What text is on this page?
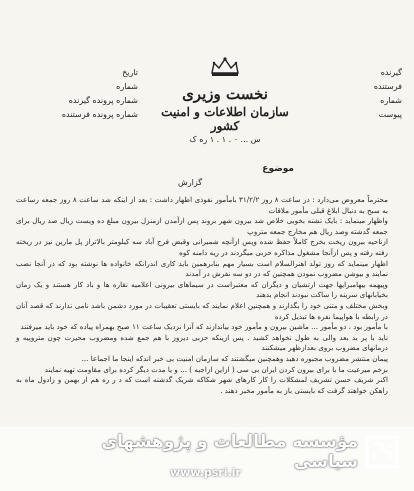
تاریخ
شماره
شماره پرونده گیرنده
شماره پرونده فرستنده
گیرنده
فرستنده
شماره
پیوست
نخست وزیری
سازمان اطلاعات و امنیت کشور
س ...‌ ۰ .‌ ۱ . ۱ ره ک
موضوع
گزارش
محترماً معروض می‌دارد : در ساعت ۸ روز ۳۱/۲/۲ بامأمور نفوذی اظهار داشت : بعد از اینکه شد ساعت ۸ روز جمعه رساعت به سبح به دنبال ابلاغ قبلی مأمور ملاقات
واظهار مینماید : بایک تشنه بخوبی خلاص شد بیرون شهر بروند پس ازآمدن ازمنزل بیرون مبلغ ده ویست ریال صد ریال برای جمعه گدشته وصد ریال هم مخارج جمعه متروپ
ازناحیه بیرون ریخت بخرج کاملاً حفظ شده وپس ازآنچه شمیرانی وقبض فرج آباد سه کیلومتر بالاتراز پل مارین نیز در ریخته رفته رفته و پس ازآنجا مشغول مذاکره حزبی میگردند در ریه دامنه کوه
اظهار مینماید که روز تولد اهنرالسلام است بسیار مهم بنابرهمین باید کاری اندرانکه خانواده ها نوشته بود که در آنجا نصب نمایند و بیوشن مضروب نمودن همچنین که در دو سه نفرش در آمدند
وپیهمه بیهامبرایها جهت ارتشیان و دیگران که معتبراست در سیماهای بیرونی اعلامیه نقاره ها و باد کار هستند و یک زمان بخیابانهای سرینه را ساکت نبودند انجام بدهند
وبخش مختلف و متنی خود را بگذارند و همچنین اعلام نمایند که بایستی تعقیبات در مورد دشمن باشد نامی ندارند که قصد آنان در رابطه با هواپیما نفره ها تبدیل کرده
با مأمور بود ، دو مأمور ... ماشین بیرون و مأمور خود بیاندازند که آنرا نزدیک ساعت ۱۱ صبح بهمراه پیاده که خود باید میرفتند
ناید با پر بد بعد والی به طول نخواهد کشید . پس ازینکه حزبی دیروز با هم جمع شده ومضروب محیرت چون متروپیه و درمانهای مضروب بروی بعدازظهر میشکنند
پیمان منتشر مضروب مجبوره دهید وهمچنین میگشتند که سازمان امنیت بی خبر اندکه اینجا ما اجماعا ...
بزخم میرعیت ما با برای بیرون کردن ایران بی سی ( ازاین ازاجبه ) ... و یا مدت دیگر کرده برای مقاومت تهیه نمایند
اکنر شریف حسن تشریف لمشکلات را کار کارهای شهر شکاکه شریک گدشته است که د ر ره هم از بهمن و زادول ماه به راهکن خواهند گرفت که بایستی باز به مأمور مخبر دهند .
مؤسسه مطالعات و پژوهشهای سیاسی
www.psri.ir
